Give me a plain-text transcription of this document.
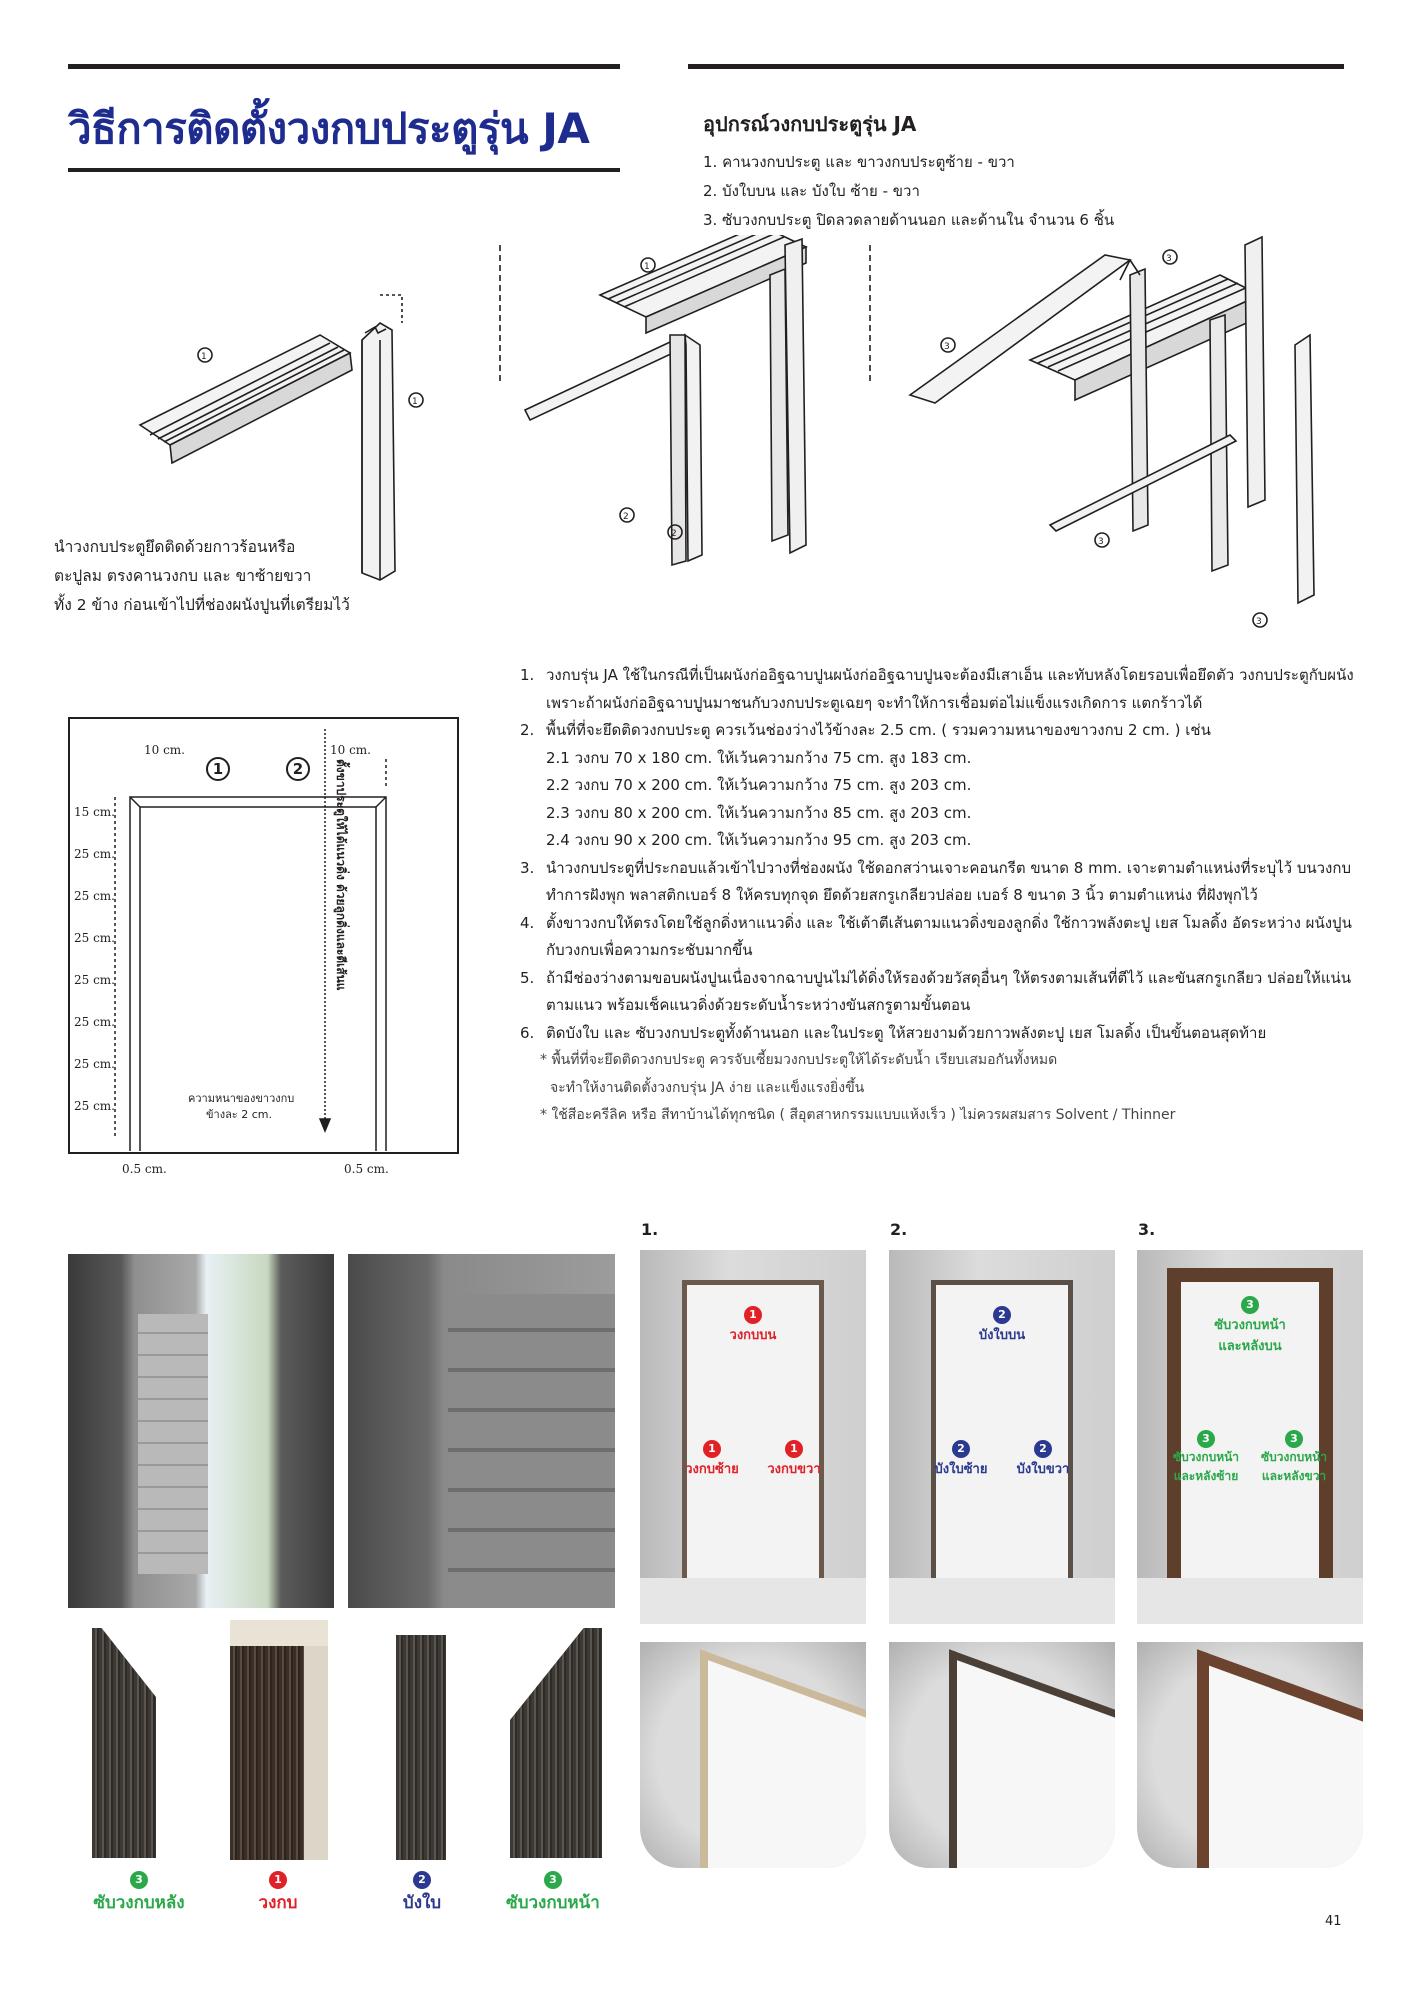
วิธีการติดตั้งวงกบประตูรุ่น JA	อุปกรณ์วงกบประตูรุ่น JA
1. คานวงกบประตู และ ขาวงกบประตูซ้าย - ขวา
2. บังใบบน และ บังใบ ซ้าย - ขวา
3. ซับวงกบประตู ปิดลวดลายด้านนอก และด้านใน จำนวน 6 ชิ้น
1
1
1
2
2
3
3
3
3
นำวงกบประตูยึดติดด้วยกาวร้อนหรือ
ตะปูลม ตรงคานวงกบ และ ขาซ้ายขวา
ทั้ง 2 ข้าง ก่อนเข้าไปที่ช่องผนังปูนที่เตรียมไว้
10 cm.	10 cm.
1	2
15 cm.
25 cm.
25 cm.
25 cm.
25 cm.
25 cm.
25 cm.
25 cm.
ตั้งขาประตูให้ได้แนวดิ่ง ด้วยลูกดิ่งและตีเส้นแ
ความหนาของขาวงกบ
ข้างละ 2 cm.
0.5 cm.	0.5 cm.
1. วงกบรุ่น JA ใช้ในกรณีที่เป็นผนังก่ออิฐฉาบปูนผนังก่ออิฐฉาบปูนจะต้องมีเสาเอ็น และทับหลังโดยรอบเพื่อยึดตัว วงกบประตูกับผนัง เพราะถ้าผนังก่ออิฐฉาบปูนมาชนกับวงกบประตูเฉยๆ จะทำให้การเชื่อมต่อไม่แข็งแรงเกิดการ แตกร้าวได้
2. พื้นที่ที่จะยึดติดวงกบประตู ควรเว้นช่องว่างไว้ข้างละ 2.5 cm. ( รวมความหนาของขาวงกบ 2 cm. ) เช่น
2.1 วงกบ 70 x 180 cm. ให้เว้นความกว้าง 75 cm. สูง 183 cm.
2.2 วงกบ 70 x 200 cm. ให้เว้นความกว้าง 75 cm. สูง 203 cm.
2.3 วงกบ 80 x 200 cm. ให้เว้นความกว้าง 85 cm. สูง 203 cm.
2.4 วงกบ 90 x 200 cm. ให้เว้นความกว้าง 95 cm. สูง 203 cm.
3. นำวงกบประตูที่ประกอบแล้วเข้าไปวางที่ช่องผนัง ใช้ดอกสว่านเจาะคอนกรีต ขนาด 8 mm. เจาะตามตำแหน่งที่ระบุไว้ บนวงกบ ทำการฝังพุก พลาสติกเบอร์ 8 ให้ครบทุกจุด ยึดด้วยสกรูเกลียวปล่อย เบอร์ 8 ขนาด 3 นิ้ว ตามตำแหน่ง ที่ฝังพุกไว้
4. ตั้งขาวงกบให้ตรงโดยใช้ลูกดิ่งหาแนวดิ่ง และ ใช้เต้าตีเส้นตามแนวดิ่งของลูกดิ่ง ใช้กาวพลังตะปู เยส โมลดิ้ง อัดระหว่าง ผนังปูนกับวงกบเพื่อความกระชับมากขึ้น
5. ถ้ามีช่องว่างตามขอบผนังปูนเนื่องจากฉาบปูนไม่ได้ดิ่งให้รองด้วยวัสดุอื่นๆ ให้ตรงตามเส้นที่ตีไว้ และขันสกรูเกลียว ปล่อยให้แน่นตามแนว พร้อมเช็คแนวดิ่งด้วยระดับน้ำระหว่างขันสกรูตามขั้นตอน
6. ติดบังใบ และ ซับวงกบประตูทั้งด้านนอก และในประตู ให้สวยงามด้วยกาวพลังตะปู เยส โมลดิ้ง เป็นขั้นตอนสุดท้าย
* พื้นที่ที่จะยึดติดวงกบประตู ควรจับเซี้ยมวงกบประตูให้ได้ระดับน้ำ เรียบเสมอกันทั้งหมด
จะทำให้งานติดตั้งวงกบรุ่น JA ง่าย และแข็งแรงยิ่งขึ้น
* ใช้สีอะครีลิค หรือ สีทาบ้านได้ทุกชนิด ( สีอุตสาหกรรมแบบแห้งเร็ว ) ไม่ควรผสมสาร Solvent / Thinner
3
ซับวงกบหลัง
1
วงกบ
2
บังใบ
3
ซับวงกบหน้า
1.	2.	3.
1
วงกบบน
1
วงกบซ้าย
1
วงกบขวา
2
บังใบบน
2
บังใบซ้าย
2
บังใบขวา
3
ซับวงกบหน้า
และหลังบน
3
ซับวงกบหน้า
และหลังซ้าย
3
ซับวงกบหน้า
และหลังขวา
41
